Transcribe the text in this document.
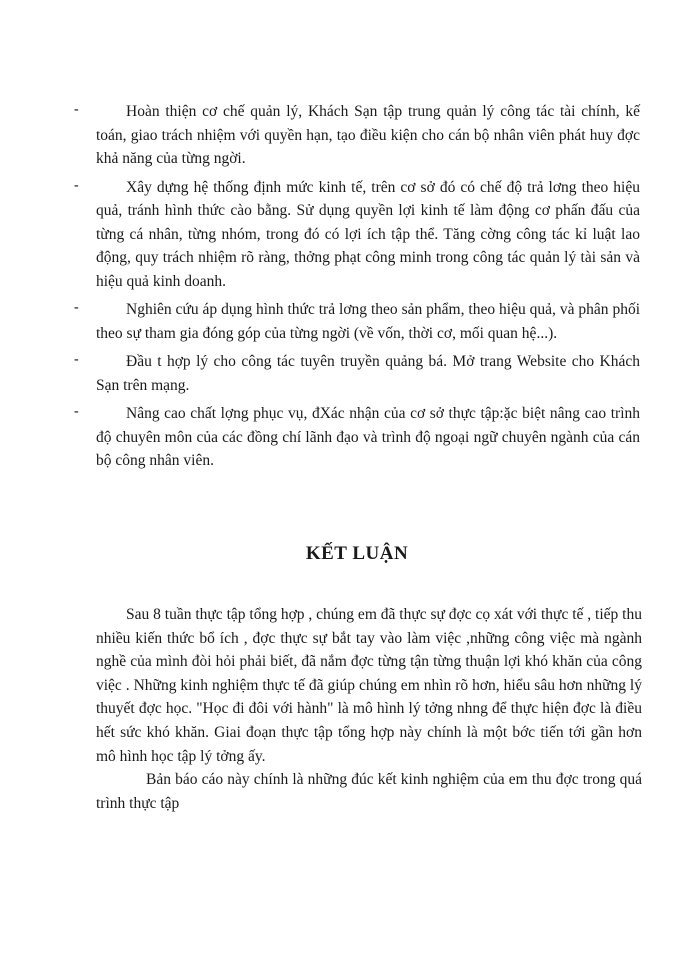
-	Hoàn thiện cơ chế quản lý, Khách Sạn tập trung quản lý công tác tài chính, kế toán, giao trách nhiệm với quyền hạn, tạo điều kiện cho cán bộ nhân viên phát huy đợc khả năng của từng ngời.
-	Xây dựng hệ thống định mức kinh tế, trên cơ sở đó có chế độ trả lơng theo hiệu quả, tránh hình thức cào bằng. Sử dụng quyền lợi kinh tế làm động cơ phấn đấu của từng cá nhân, từng nhóm, trong đó có lợi ích tập thể. Tăng cờng công tác kỉ luật lao động, quy trách nhiệm rõ ràng, thởng phạt công minh trong công tác quản lý tài sản và hiệu quả kinh doanh.
-	Nghiên cứu áp dụng hình thức trả lơng theo sản phẩm, theo hiệu quả, và phân phối theo sự tham gia đóng góp của từng ngời (về vốn, thời cơ, mối quan hệ...).
-	Đầu t hợp lý cho công tác tuyên truyền quảng bá. Mở trang Website cho Khách Sạn trên mạng.
-	Nâng cao chất lợng phục vụ, đXác nhận của cơ sở thực tập:ặc biệt nâng cao trình độ chuyên môn của các đồng chí lãnh đạo và trình độ ngoại ngữ chuyên ngành của cán bộ công nhân viên.
KẾT LUẬN

Sau 8 tuần thực tập tổng hợp , chúng em đã thực sự đợc cọ xát với thực tế , tiếp thu nhiều kiến thức bổ ích , đợc thực sự bắt tay vào làm việc ,những công việc mà ngành nghề của mình đòi hỏi phải biết, đã nắm đợc từng tận từng thuận lợi khó khăn của công việc . Những kinh nghiệm thực tế đã giúp chúng em nhìn rõ hơn, hiểu sâu hơn những lý thuyết đợc học. "Học đi đôi với hành" là mô hình lý tởng nhng để thực hiện đợc là điều hết sức khó khăn. Giai đoạn thực tập tổng hợp này chính là một bớc tiến tới gần hơn mô hình học tập lý tởng ấy.

Bản báo cáo này chính là những đúc kết kinh nghiệm của em thu đợc trong quá trình thực tập
